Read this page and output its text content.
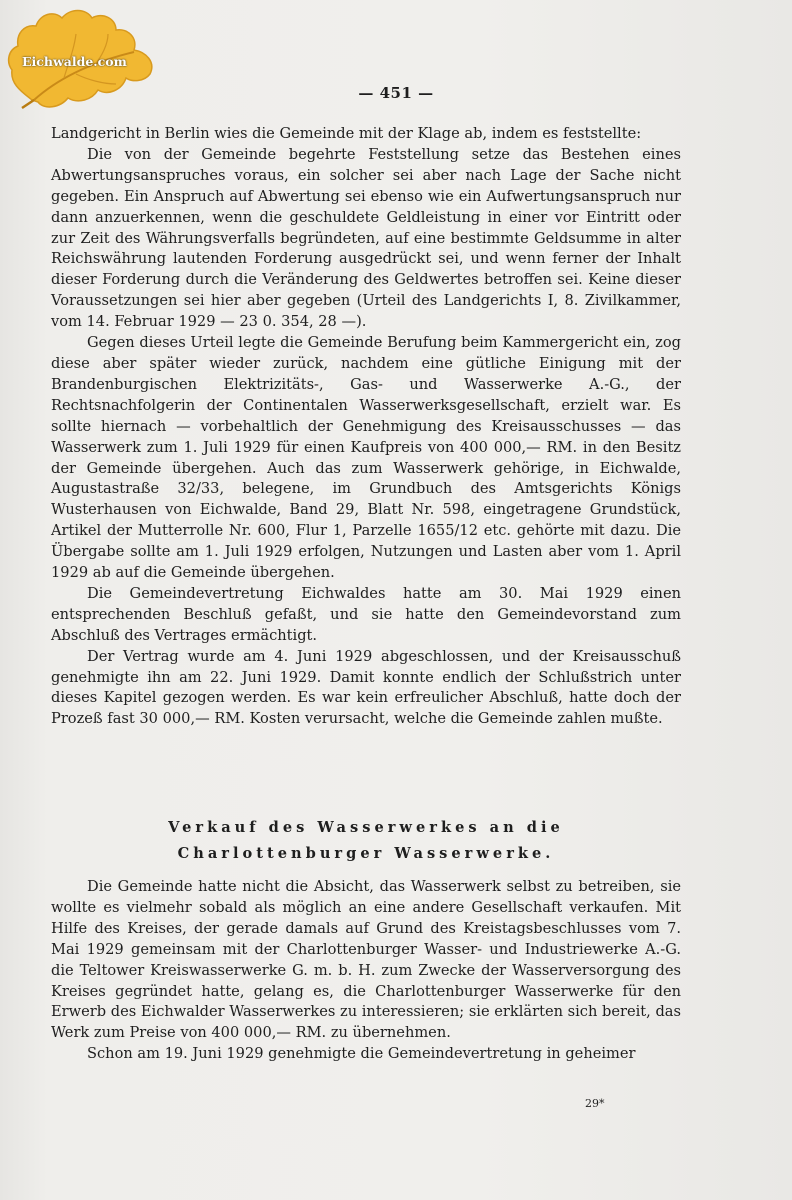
Eichwalde.com
— 451 —

Landgericht in Berlin wies die Gemeinde mit der Klage ab, indem es feststellte:

Die von der Gemeinde begehrte Feststellung setze das Bestehen eines Abwertungsanspruches voraus, ein solcher sei aber nach Lage der Sache nicht gegeben. Ein Anspruch auf Abwertung sei ebenso wie ein Aufwertungsanspruch nur dann anzuerkennen, wenn die geschuldete Geldleistung in einer vor Eintritt oder zur Zeit des Währungsverfalls begründeten, auf eine bestimmte Geldsumme in alter Reichswährung lautenden Forderung ausgedrückt sei, und wenn ferner der Inhalt dieser Forderung durch die Veränderung des Geldwertes betroffen sei. Keine dieser Voraussetzungen sei hier aber gegeben (Urteil des Landgerichts I, 8. Zivilkammer, vom 14. Februar 1929 — 23 0. 354, 28 —).

Gegen dieses Urteil legte die Gemeinde Berufung beim Kammergericht ein, zog diese aber später wieder zurück, nachdem eine gütliche Einigung mit der Brandenburgischen Elektrizitäts-, Gas- und Wasserwerke A.-G., der Rechtsnachfolgerin der Continentalen Wasserwerksgesellschaft, erzielt war. Es sollte hiernach — vorbehaltlich der Genehmigung des Kreisausschusses — das Wasserwerk zum 1. Juli 1929 für einen Kaufpreis von 400 000,— RM. in den Besitz der Gemeinde übergehen. Auch das zum Wasserwerk gehörige, in Eichwalde, Augustastraße 32/33, belegene, im Grundbuch des Amtsgerichts Königs Wusterhausen von Eichwalde, Band 29, Blatt Nr. 598, eingetragene Grundstück, Artikel der Mutterrolle Nr. 600, Flur 1, Parzelle 1655/12 etc. gehörte mit dazu. Die Übergabe sollte am 1. Juli 1929 erfolgen, Nutzungen und Lasten aber vom 1. April 1929 ab auf die Gemeinde übergehen.

Die Gemeindevertretung Eichwaldes hatte am 30. Mai 1929 einen entsprechenden Beschluß gefaßt, und sie hatte den Gemeindevorstand zum Abschluß des Vertrages ermächtigt.

Der Vertrag wurde am 4. Juni 1929 abgeschlossen, und der Kreisausschuß genehmigte ihn am 22. Juni 1929. Damit konnte endlich der Schlußstrich unter dieses Kapitel gezogen werden. Es war kein erfreulicher Abschluß, hatte doch der Prozeß fast 30 000,— RM. Kosten verursacht, welche die Gemeinde zahlen mußte.

Verkauf des Wasserwerkes an die
Charlottenburger Wasserwerke.

Die Gemeinde hatte nicht die Absicht, das Wasserwerk selbst zu betreiben, sie wollte es vielmehr sobald als möglich an eine andere Gesellschaft verkaufen. Mit Hilfe des Kreises, der gerade damals auf Grund des Kreistagsbeschlusses vom 7. Mai 1929 gemeinsam mit der Charlottenburger Wasser- und Industriewerke A.-G. die Teltower Kreiswasserwerke G. m. b. H. zum Zwecke der Wasserversorgung des Kreises gegründet hatte, gelang es, die Charlottenburger Wasserwerke für den Erwerb des Eichwalder Wasserwerkes zu interessieren; sie erklärten sich bereit, das Werk zum Preise von 400 000,— RM. zu übernehmen.

Schon am 19. Juni 1929 genehmigte die Gemeindevertretung in geheimer

29*
